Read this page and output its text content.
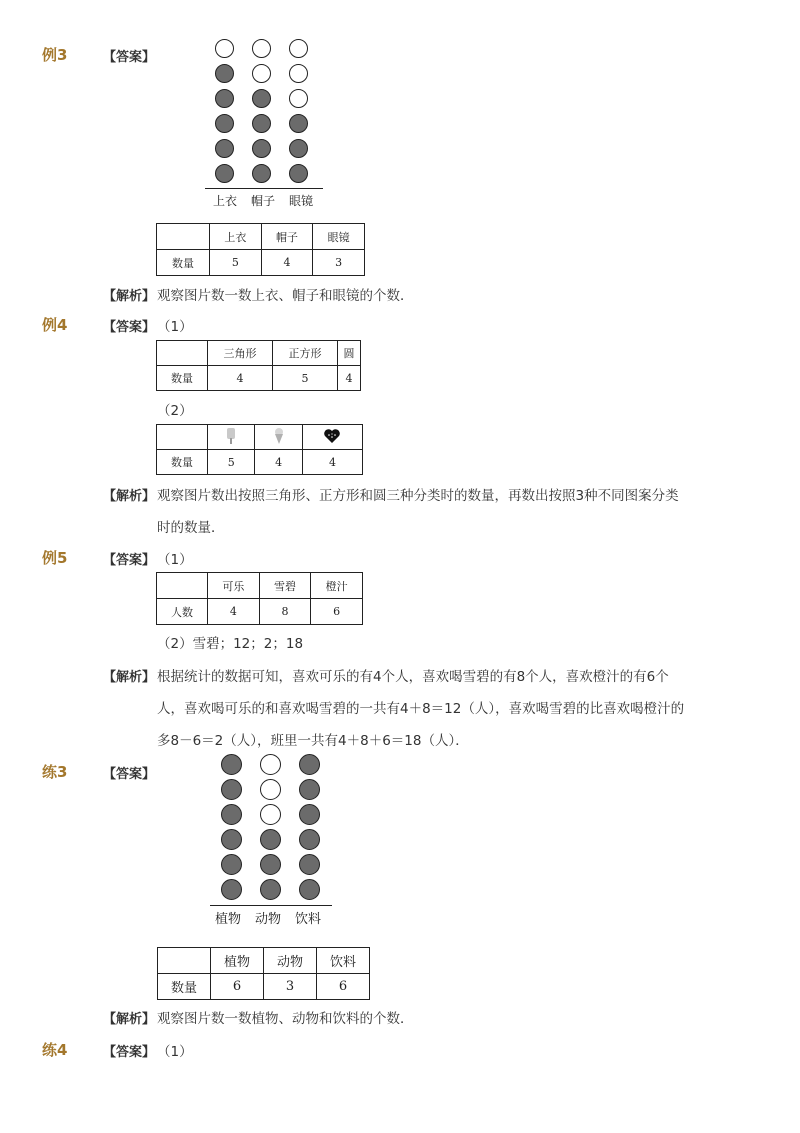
例3	【答案】
上衣 帽子 眼镜
	上衣	帽子	眼镜
数量	5	4	3
【解析】 观察图片数一数上衣、帽子和眼镜的个数．
例4	【答案】 （1）
	三角形	正方形	圆
数量	4	5	4
（2）

数量	5	4	4
【解析】 观察图片数出按照三角形、正方形和圆三种分类时的数量，再数出按照3种不同图案分类
时的数量．
例5	【答案】 （1）
	可乐	雪碧	橙汁
人数	4	8	6
（2）雪碧；12；2；18
【解析】 根据统计的数据可知，喜欢可乐的有4个人，喜欢喝雪碧的有8个人，喜欢橙汁的有6个
人，喜欢喝可乐的和喜欢喝雪碧的一共有4＋8＝12（人），喜欢喝雪碧的比喜欢喝橙汁的
多8－6＝2（人），班里一共有4＋8＋6＝18（人）．
练3	【答案】
植物 动物 饮料
	植物	动物	饮料
数量	6	3	6
【解析】 观察图片数一数植物、动物和饮料的个数．
练4	【答案】 （1）
